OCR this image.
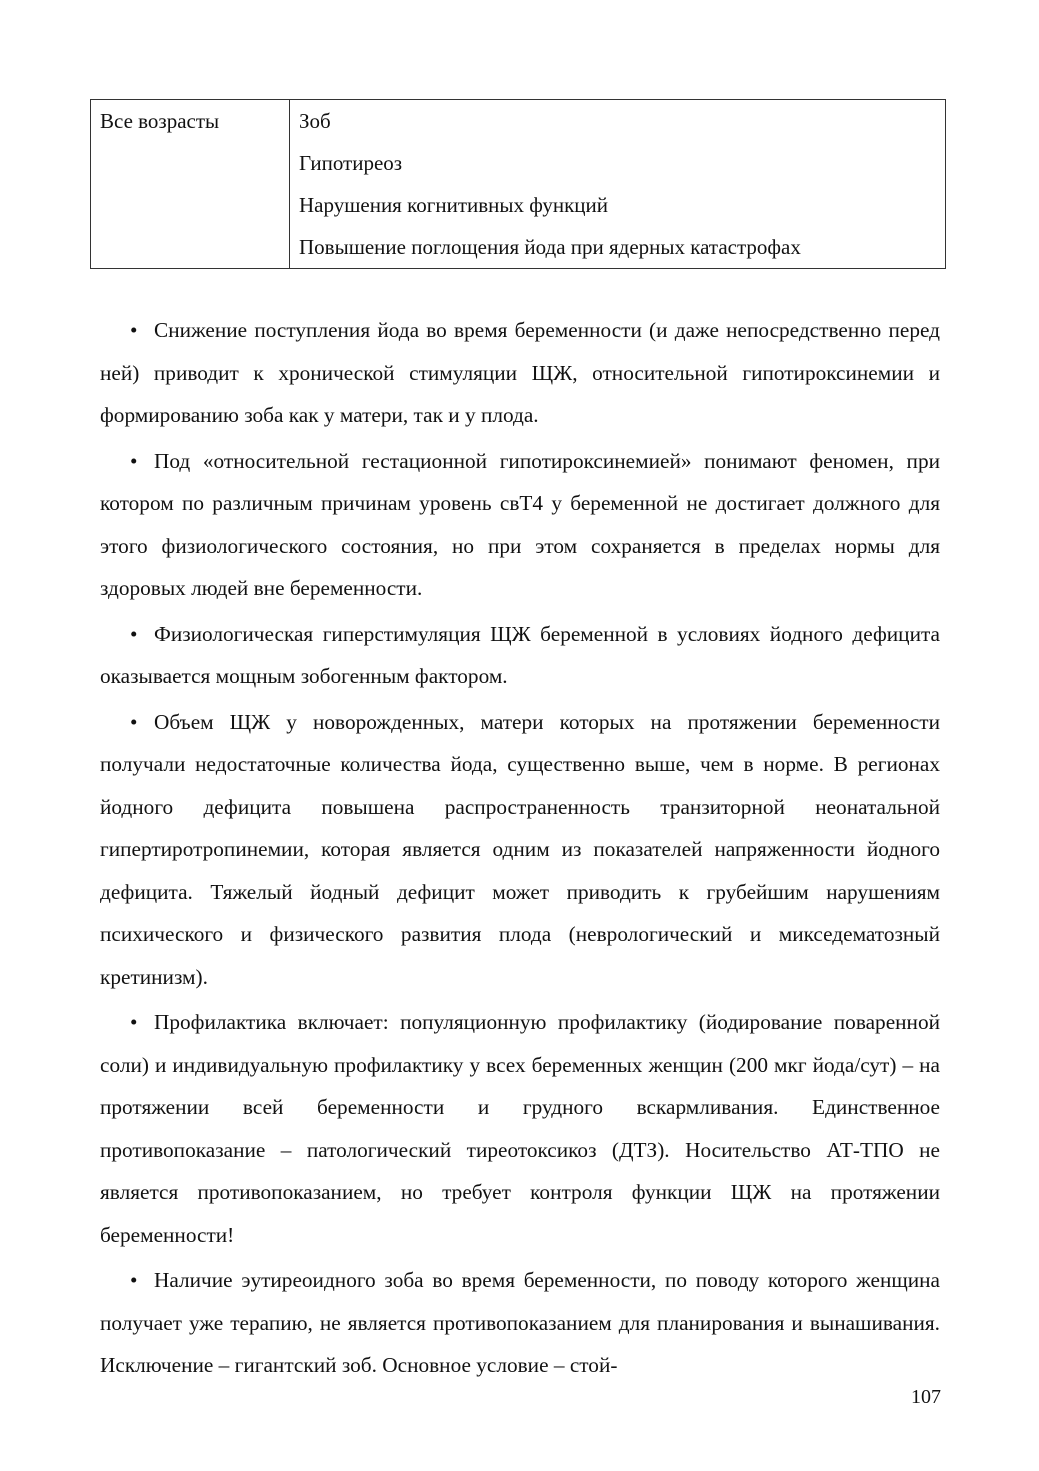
Все возрасты	Зоб
Гипотиреоз
Нарушения когнитивных функций
Повышение поглощения йода при ядерных катастрофах

• Снижение поступления йода во время беременности (и даже непосредственно перед ней) приводит к хронической стимуляции ЩЖ, относительной гипотироксинемии и формированию зоба как у матери, так и у плода.

• Под «относительной гестационной гипотироксинемией» понимают феномен, при котором по различным причинам уровень свТ4 у беременной не достигает должного для этого физиологического состояния, но при этом сохраняется в пределах нормы для здоровых людей вне беременности.

• Физиологическая гиперстимуляция ЩЖ беременной в условиях йодного дефицита оказывается мощным зобогенным фактором.

• Объем ЩЖ у новорожденных, матери которых на протяжении беременности получали недостаточные количества йода, существенно выше, чем в норме. В регионах йодного дефицита повышена распространенность транзиторной неонатальной гипертиротропинемии, которая является одним из показателей напряженности йодного дефицита. Тяжелый йодный дефицит может приводить к грубейшим нарушениям психического и физического развития плода (неврологический и микседематозный кретинизм).

• Профилактика включает: популяционную профилактику (йодирование поваренной соли) и индивидуальную профилактику у всех беременных женщин (200 мкг йода/сут) – на протяжении всей беременности и грудного вскармливания. Единственное противопоказание – патологический тиреотоксикоз (ДТЗ). Носительство АТ-ТПО не является противопоказанием, но требует контроля функции ЩЖ на протяжении беременности!

• Наличие эутиреоидного зоба во время беременности, по поводу которого женщина получает уже терапию, не является противопоказанием для планирования и вынашивания. Исключение – гигантский зоб. Основное условие – стой-

107
